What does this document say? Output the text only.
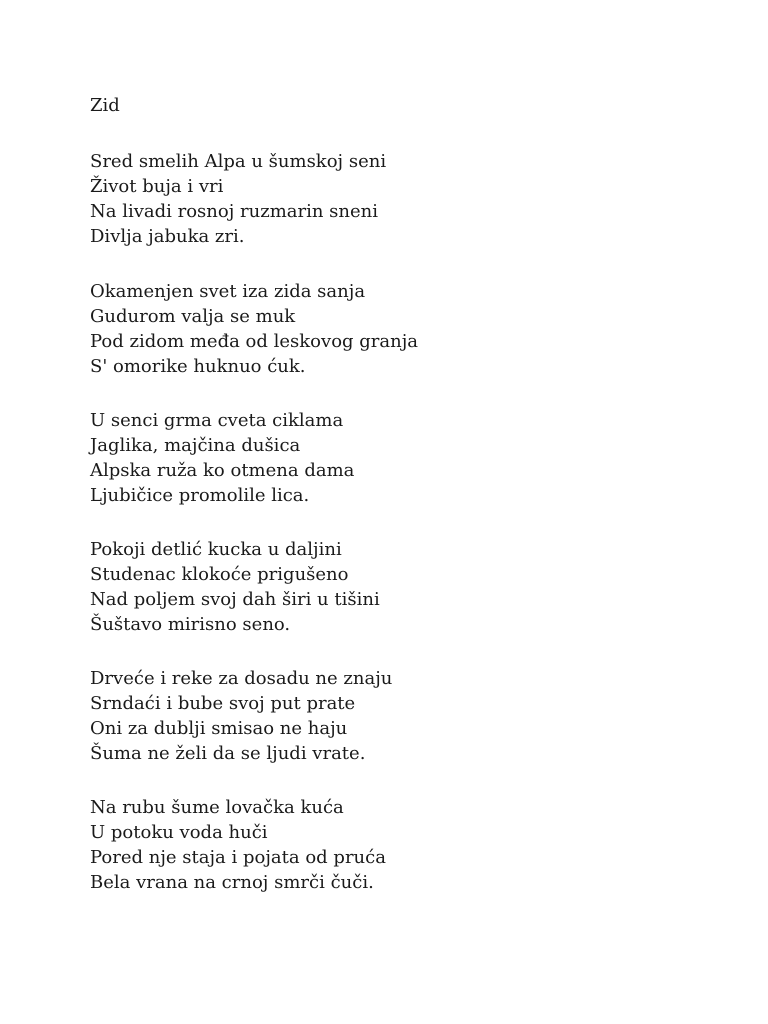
Zid
Sred smelih Alpa u šumskoj seni
Život buja i vri
Na livadi rosnoj ruzmarin sneni
Divlja jabuka zri.
Okamenjen svet iza zida sanja
Gudurom valja se muk
Pod zidom međa od leskovog granja
S' omorike huknuo ćuk.
U senci grma cveta ciklama
Jaglika, majčina dušica
Alpska ruža ko otmena dama
Ljubičice promolile lica.
Pokoji detlić kucka u daljini
Studenac klokoće prigušeno
Nad poljem svoj dah širi u tišini
Šuštavo mirisno seno.
Drveće i reke za dosadu ne znaju
Srndaći i bube svoj put prate
Oni za dublji smisao ne haju
Šuma ne želi da se ljudi vrate.
Na rubu šume lovačka kuća
U potoku voda huči
Pored nje staja i pojata od pruća
Bela vrana na crnoj smrči čuči.
